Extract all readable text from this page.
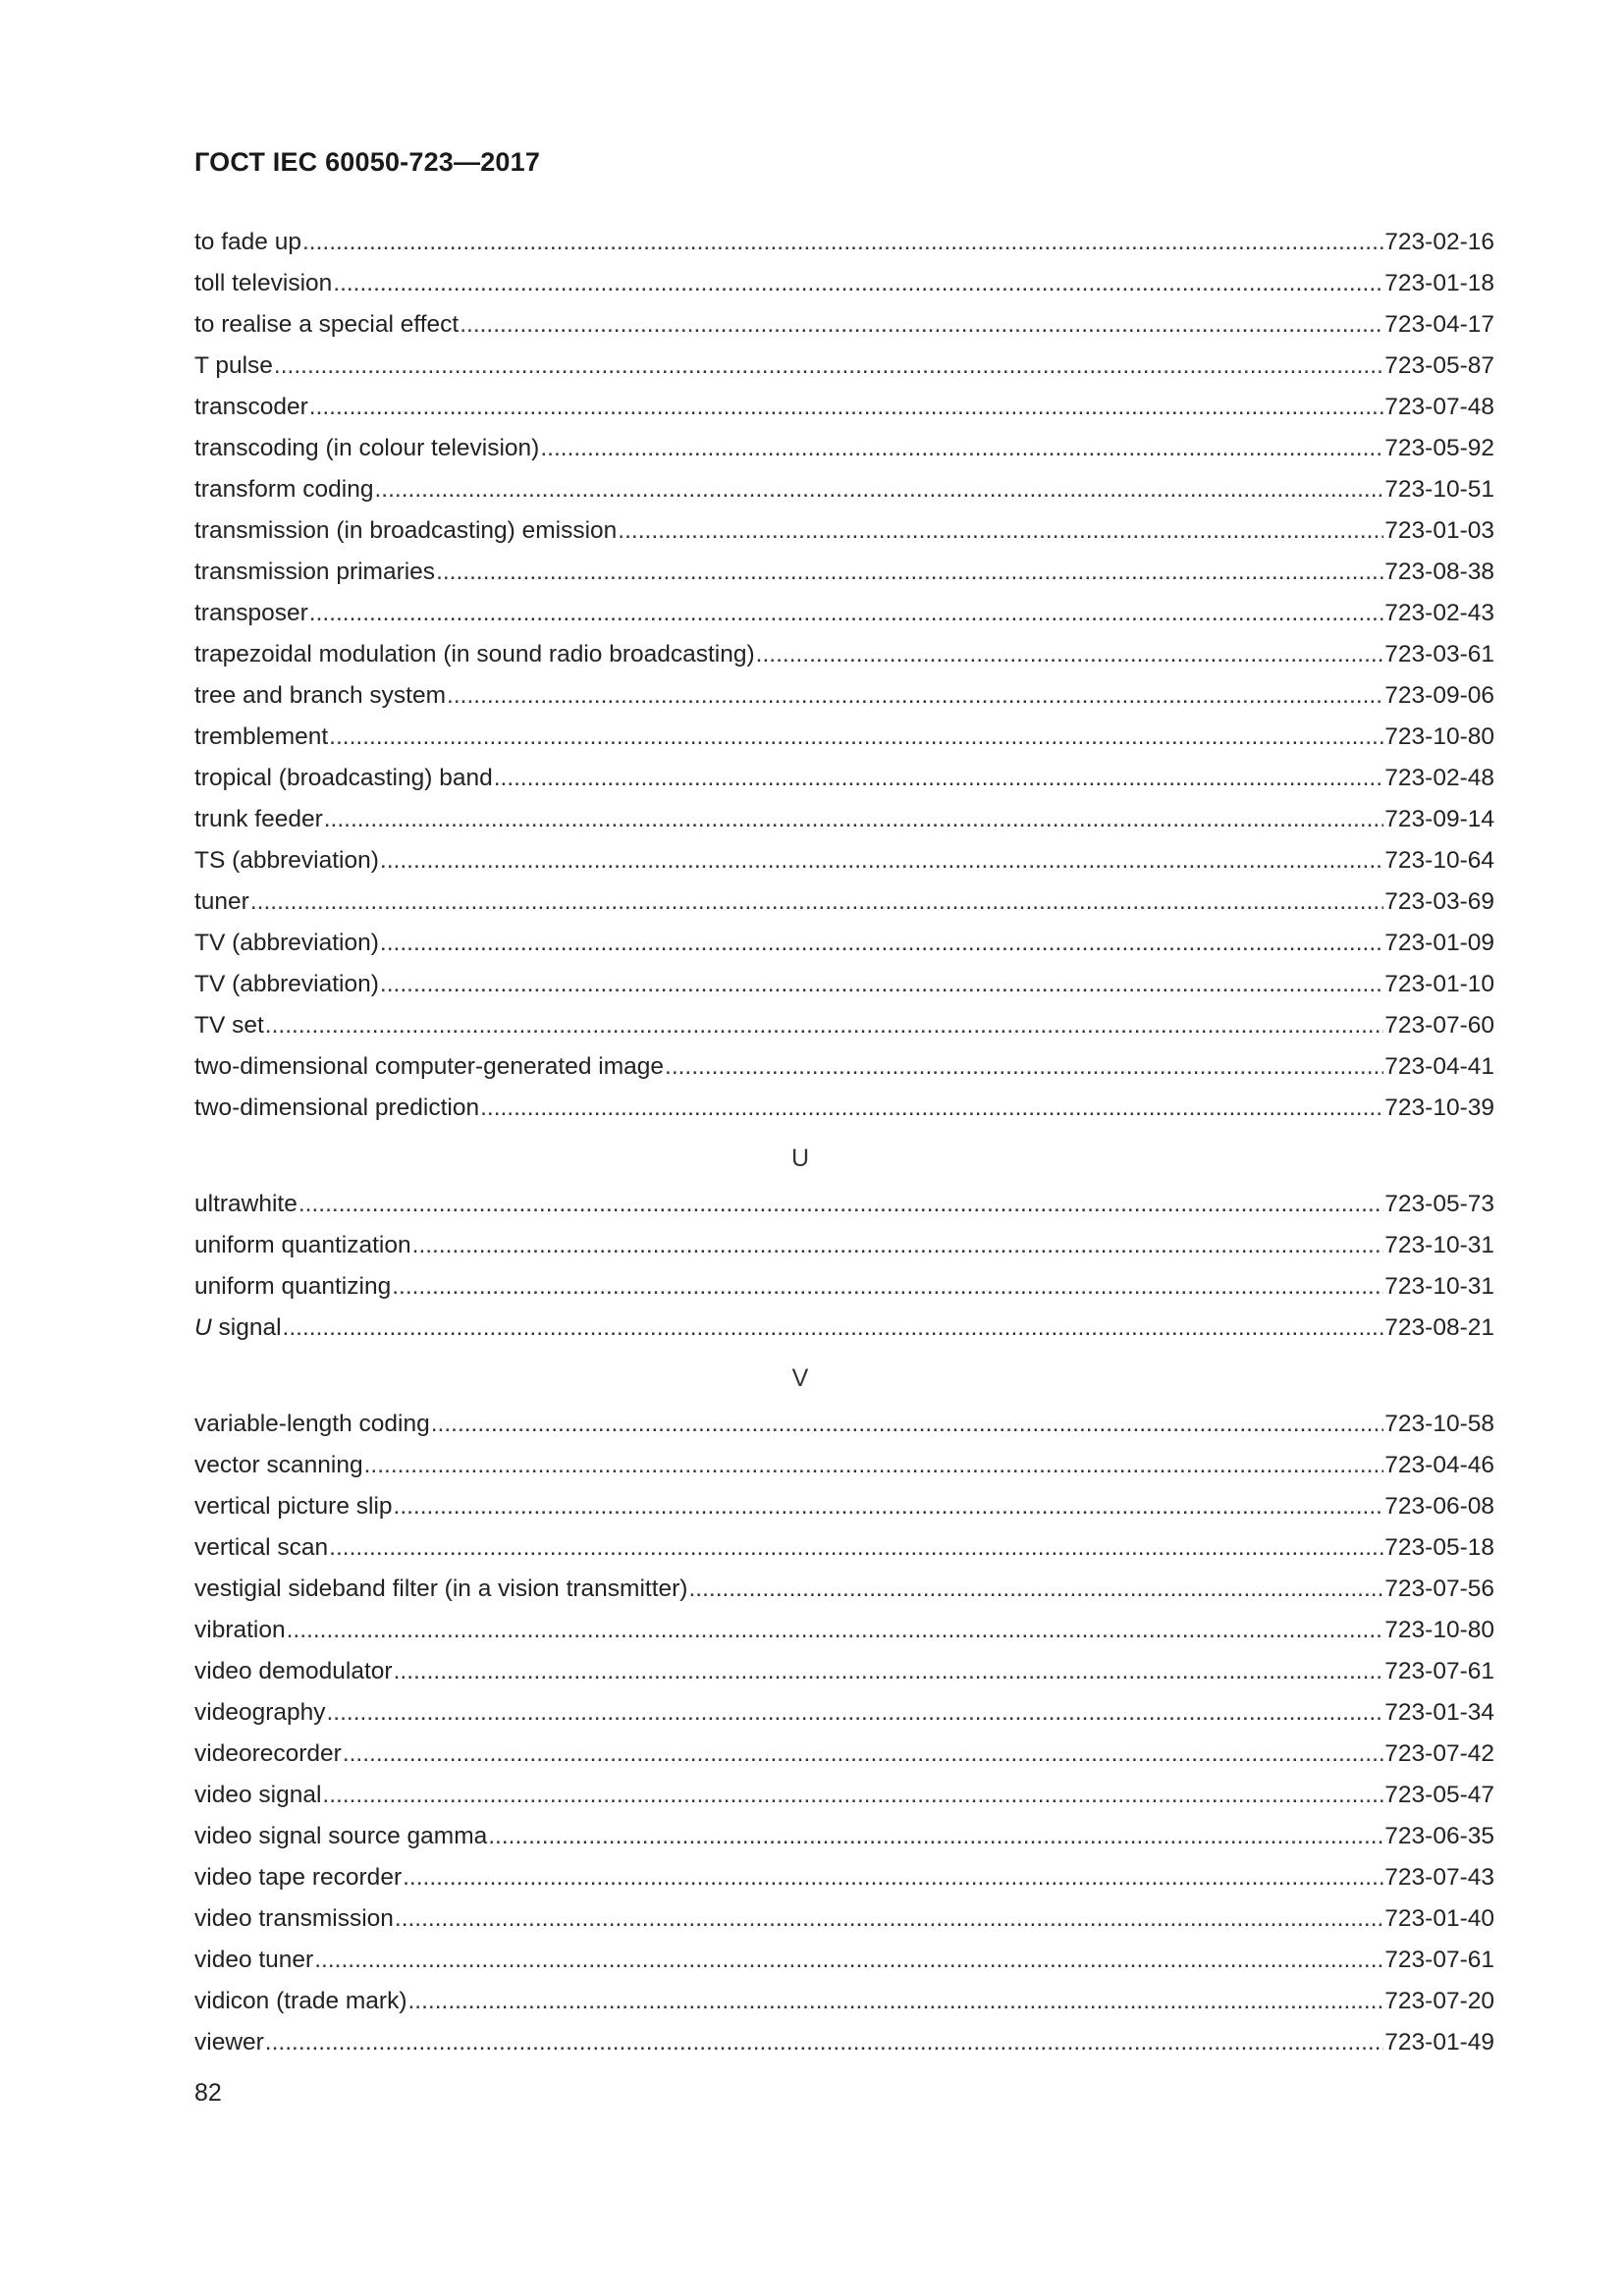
ГОСТ IEC 60050-723—2017
to fade up .....	723-02-16
toll television .....	723-01-18
to realise a special effect .....	723-04-17
T pulse .....	723-05-87
transcoder .....	723-07-48
transcoding (in colour television) .....	723-05-92
transform coding .....	723-10-51
transmission (in broadcasting) emission .....	723-01-03
transmission primaries .....	723-08-38
transposer .....	723-02-43
trapezoidal modulation (in sound radio broadcasting) .....	723-03-61
tree and branch system .....	723-09-06
tremblement .....	723-10-80
tropical (broadcasting) band .....	723-02-48
trunk feeder .....	723-09-14
TS (abbreviation) .....	723-10-64
tuner .....	723-03-69
TV (abbreviation) .....	723-01-09
TV (abbreviation) .....	723-01-10
TV set .....	723-07-60
two-dimensional computer-generated image .....	723-04-41
two-dimensional prediction .....	723-10-39
U
ultrawhite .....	723-05-73
uniform quantization .....	723-10-31
uniform quantizing .....	723-10-31
U signal .....	723-08-21
V
variable-length coding .....	723-10-58
vector scanning .....	723-04-46
vertical picture slip .....	723-06-08
vertical scan .....	723-05-18
vestigial sideband filter (in a vision transmitter) .....	723-07-56
vibration .....	723-10-80
video demodulator .....	723-07-61
videography .....	723-01-34
videorecorder .....	723-07-42
video signal .....	723-05-47
video signal source gamma .....	723-06-35
video tape recorder .....	723-07-43
video transmission .....	723-01-40
video tuner .....	723-07-61
vidicon (trade mark) .....	723-07-20
viewer .....	723-01-49
82
